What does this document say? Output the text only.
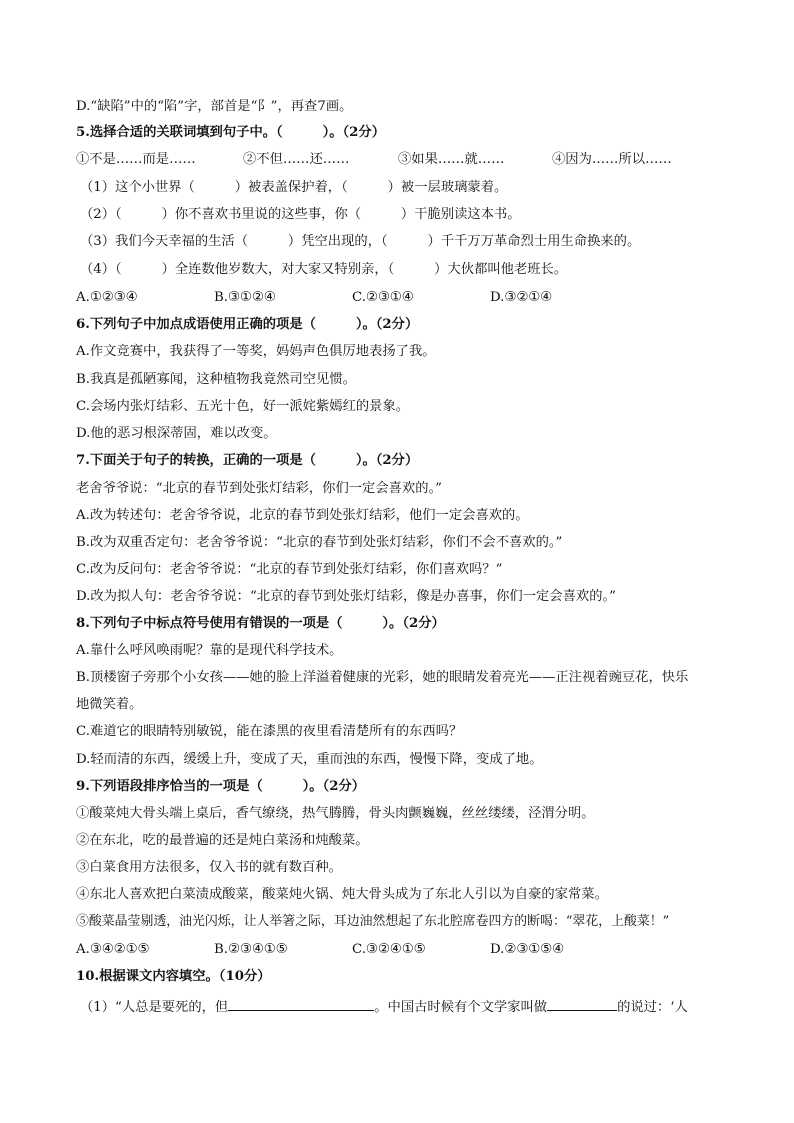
D.“缺陷”中的“陷”字，部首是“阝”，再查7画。
5.选择合适的关联词填到句子中。（　　　）。（2分）
①不是……而是……	②不但……还……	③如果……就……	④因为……所以……
（1）这个小世界（　　　）被表盖保护着，（　　　）被一层玻璃蒙着。
（2）（　　　）你不喜欢书里说的这些事，你（　　　）干脆别读这本书。
（3）我们今天幸福的生活（　　　）凭空出现的，（　　　）千千万万革命烈士用生命换来的。
（4）（　　　）全连数他岁数大，对大家又特别亲，（　　　）大伙都叫他老班长。
A.①②③④	B.③①②④	C.②③①④	D.③②①④
6.下列句子中加点成语使用正确的项是（　　　）。（2分）
A.作文竞赛中，我获得了一等奖，妈妈声色俱厉地表扬了我。
B.我真是孤陋寡闻，这种植物我竟然司空见惯。
C.会场内张灯结彩、五光十色，好一派姹紫嫣红的景象。
D.他的恶习根深蒂固，难以改变。
7.下面关于句子的转换，正确的一项是（　　　）。（2分）
老舍爷爷说：“北京的春节到处张灯结彩，你们一定会喜欢的。”
A.改为转述句：老舍爷爷说，北京的春节到处张灯结彩，他们一定会喜欢的。
B.改为双重否定句：老舍爷爷说：“北京的春节到处张灯结彩，你们不会不喜欢的。”
C.改为反问句：老舍爷爷说：“北京的春节到处张灯结彩，你们喜欢吗？”
D.改为拟人句：老舍爷爷说：“北京的春节到处张灯结彩，像是办喜事，你们一定会喜欢的。”
8.下列句子中标点符号使用有错误的一项是（　　　）。（2分）
A.靠什么呼风唤雨呢？靠的是现代科学技术。
B.顶楼窗子旁那个小女孩——她的脸上洋溢着健康的光彩，她的眼睛发着亮光——正注视着豌豆花，快乐
地微笑着。
C.难道它的眼睛特别敏锐，能在漆黑的夜里看清楚所有的东西吗？
D.轻而清的东西，缓缓上升，变成了天，重而浊的东西，慢慢下降，变成了地。
9.下列语段排序恰当的一项是（　　　）。（2分）
①酸菜炖大骨头端上桌后，香气缭绕，热气腾腾，骨头肉颤巍巍，丝丝缕缕，泾渭分明。
②在东北，吃的最普遍的还是炖白菜汤和炖酸菜。
③白菜食用方法很多，仅入书的就有数百种。
④东北人喜欢把白菜渍成酸菜，酸菜炖火锅、炖大骨头成为了东北人引以为自豪的家常菜。
⑤酸菜晶莹剔透，油光闪烁，让人举箸之际，耳边油然想起了东北腔席卷四方的断喝：“翠花，上酸菜！”
A.③④②①⑤	B.②③④①⑤	C.③②④①⑤	D.②③①⑤④
10.根据课文内容填空。（10分）
（1）“人总是要死的，但	。中国古时候有个文学家叫做	的说过：‘人
